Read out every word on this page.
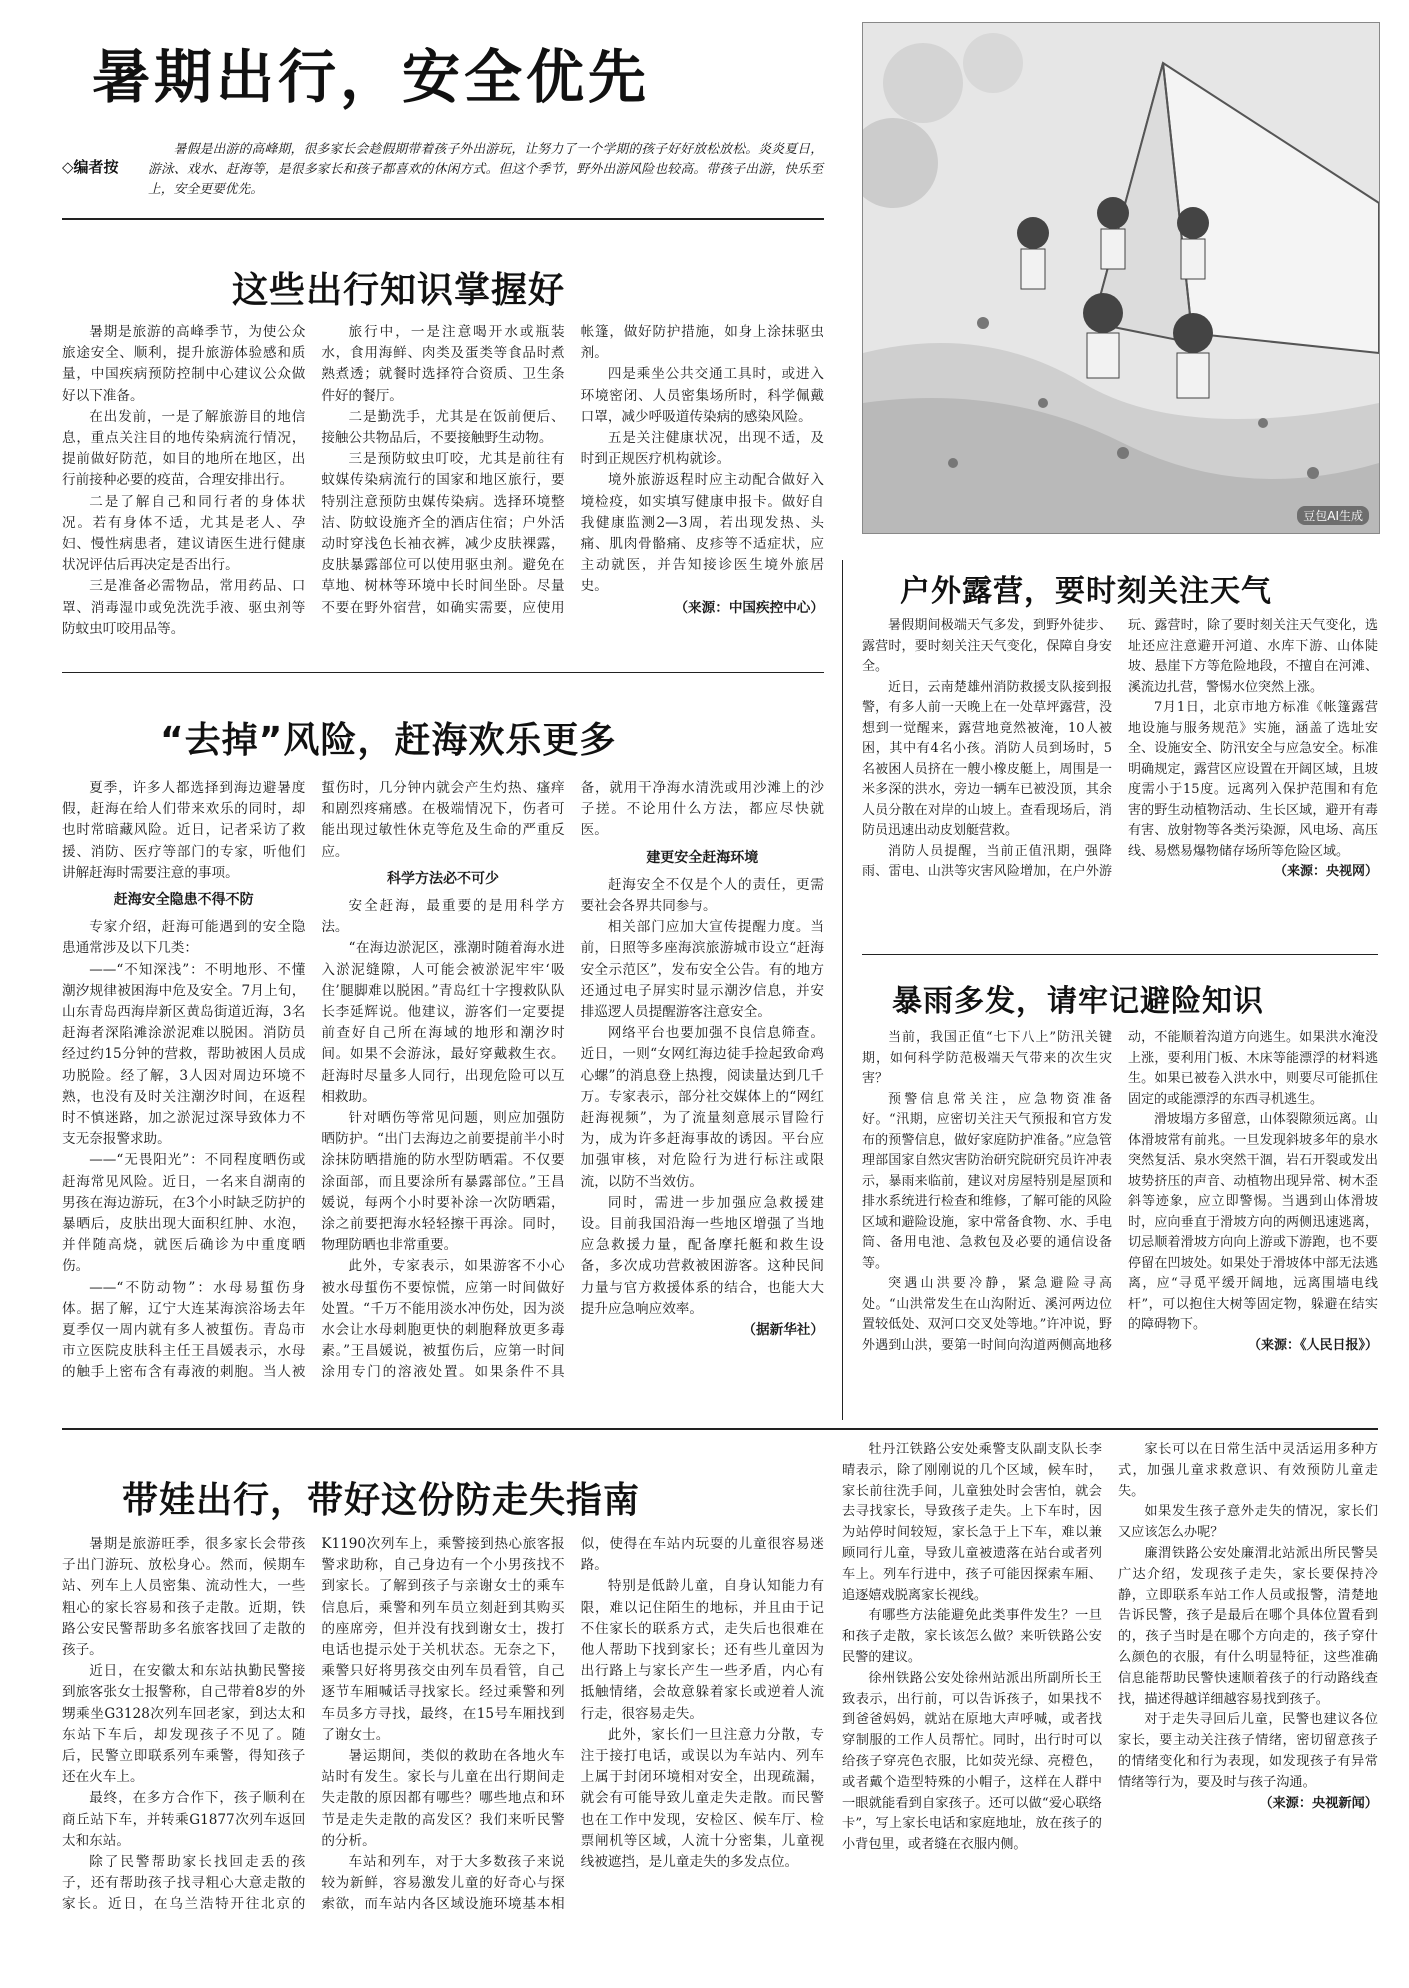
暑期出行，安全优先
◇编者按
暑假是出游的高峰期，很多家长会趁假期带着孩子外出游玩，让努力了一个学期的孩子好好放松放松。炎炎夏日，游泳、戏水、赶海等，是很多家长和孩子都喜欢的休闲方式。但这个季节，野外出游风险也较高。带孩子出游，快乐至上，安全更要优先。
豆包AI生成
这些出行知识掌握好

暑期是旅游的高峰季节，为使公众旅途安全、顺利，提升旅游体验感和质量，中国疾病预防控制中心建议公众做好以下准备。

在出发前，一是了解旅游目的地信息，重点关注目的地传染病流行情况，提前做好防范，如目的地所在地区，出行前接种必要的疫苗，合理安排出行。

二是了解自己和同行者的身体状况。若有身体不适，尤其是老人、孕妇、慢性病患者，建议请医生进行健康状况评估后再决定是否出行。

三是准备必需物品，常用药品、口罩、消毒湿巾或免洗洗手液、驱虫剂等防蚊虫叮咬用品等。

旅行中，一是注意喝开水或瓶装水，食用海鲜、肉类及蛋类等食品时煮熟煮透；就餐时选择符合资质、卫生条件好的餐厅。

二是勤洗手，尤其是在饭前便后、接触公共物品后，不要接触野生动物。

三是预防蚊虫叮咬，尤其是前往有蚊媒传染病流行的国家和地区旅行，要特别注意预防虫媒传染病。选择环境整洁、防蚊设施齐全的酒店住宿；户外活动时穿浅色长袖衣裤，减少皮肤裸露，皮肤暴露部位可以使用驱虫剂。避免在草地、树林等环境中长时间坐卧。尽量不要在野外宿营，如确实需要，应使用帐篷，做好防护措施，如身上涂抹驱虫剂。

四是乘坐公共交通工具时，或进入环境密闭、人员密集场所时，科学佩戴口罩，减少呼吸道传染病的感染风险。

五是关注健康状况，出现不适，及时到正规医疗机构就诊。

境外旅游返程时应主动配合做好入境检疫，如实填写健康申报卡。做好自我健康监测2—3周，若出现发热、头痛、肌肉骨骼痛、皮疹等不适症状，应主动就医，并告知接诊医生境外旅居史。

（来源：中国疾控中心）

“去掉”风险，赶海欢乐更多

夏季，许多人都选择到海边避暑度假，赶海在给人们带来欢乐的同时，却也时常暗藏风险。近日，记者采访了救援、消防、医疗等部门的专家，听他们讲解赶海时需要注意的事项。

赶海安全隐患不得不防

专家介绍，赶海可能遇到的安全隐患通常涉及以下几类：

——“不知深浅”：不明地形、不懂潮汐规律被困海中危及安全。7月上旬，山东青岛西海岸新区黄岛街道近海，3名赶海者深陷滩涂淤泥难以脱困。消防员经过约15分钟的营救，帮助被困人员成功脱险。经了解，3人因对周边环境不熟，也没有及时关注潮汐时间，在返程时不慎迷路，加之淤泥过深导致体力不支无奈报警求助。

——“无畏阳光”：不同程度晒伤或赶海常见风险。近日，一名来自湖南的男孩在海边游玩，在3个小时缺乏防护的暴晒后，皮肤出现大面积红肿、水泡，并伴随高烧，就医后确诊为中重度晒伤。

——“不防动物”：水母易蜇伤身体。据了解，辽宁大连某海滨浴场去年夏季仅一周内就有多人被蜇伤。青岛市市立医院皮肤科主任王昌媛表示，水母的触手上密布含有毒液的刺胞。当人被蜇伤时，几分钟内就会产生灼热、瘙痒和剧烈疼痛感。在极端情况下，伤者可能出现过敏性休克等危及生命的严重反应。

科学方法必不可少

安全赶海，最重要的是用科学方法。

“在海边淤泥区，涨潮时随着海水进入淤泥缝隙，人可能会被淤泥牢牢‘吸住’腿脚难以脱困。”青岛红十字搜救队队长李延辉说。他建议，游客们一定要提前查好自己所在海域的地形和潮汐时间。如果不会游泳，最好穿戴救生衣。赶海时尽量多人同行，出现危险可以互相救助。

针对晒伤等常见问题，则应加强防晒防护。“出门去海边之前要提前半小时涂抹防晒措施的防水型防晒霜。不仅要涂面部，而且要涂所有暴露部位。”王昌媛说，每两个小时要补涂一次防晒霜，涂之前要把海水轻轻擦干再涂。同时，物理防晒也非常重要。

此外，专家表示，如果游客不小心被水母蜇伤不要惊慌，应第一时间做好处置。“千万不能用淡水冲伤处，因为淡水会让水母刺胞更快的刺胞释放更多毒素。”王昌媛说，被蜇伤后，应第一时间涂用专门的溶液处置。如果条件不具备，就用干净海水清洗或用沙滩上的沙子搓。不论用什么方法，都应尽快就医。

建更安全赶海环境

赶海安全不仅是个人的责任，更需要社会各界共同参与。

相关部门应加大宣传提醒力度。当前，日照等多座海滨旅游城市设立“赶海安全示范区”，发布安全公告。有的地方还通过电子屏实时显示潮汐信息，并安排巡逻人员提醒游客注意安全。

网络平台也要加强不良信息筛查。近日，一则“女网红海边徒手捡起致命鸡心螺”的消息登上热搜，阅读量达到几千万。专家表示，部分社交媒体上的“网红赶海视频”，为了流量刻意展示冒险行为，成为许多赶海事故的诱因。平台应加强审核，对危险行为进行标注或限流，以防不当效仿。

同时，需进一步加强应急救援建设。目前我国沿海一些地区增强了当地应急救援力量，配备摩托艇和救生设备，多次成功营救被困游客。这种民间力量与官方救援体系的结合，也能大大提升应急响应效率。

（据新华社）

户外露营，要时刻关注天气

暑假期间极端天气多发，到野外徒步、露营时，要时刻关注天气变化，保障自身安全。

近日，云南楚雄州消防救援支队接到报警，有多人前一天晚上在一处草坪露营，没想到一觉醒来，露营地竟然被淹，10人被困，其中有4名小孩。消防人员到场时，5名被困人员挤在一艘小橡皮艇上，周围是一米多深的洪水，旁边一辆车已被没顶，其余人员分散在对岸的山坡上。查看现场后，消防员迅速出动皮划艇营救。

消防人员提醒，当前正值汛期，强降雨、雷电、山洪等灾害风险增加，在户外游玩、露营时，除了要时刻关注天气变化，选址还应注意避开河道、水库下游、山体陡坡、悬崖下方等危险地段，不擅自在河滩、溪流边扎营，警惕水位突然上涨。

7月1日，北京市地方标准《帐篷露营地设施与服务规范》实施，涵盖了选址安全、设施安全、防汛安全与应急安全。标准明确规定，露营区应设置在开阔区域，且坡度需小于15度。远离列入保护范围和有危害的野生动植物活动、生长区域，避开有毒有害、放射物等各类污染源，风电场、高压线、易燃易爆物储存场所等危险区域。

（来源：央视网）

暴雨多发，请牢记避险知识

当前，我国正值“七下八上”防汛关键期，如何科学防范极端天气带来的次生灾害？

预警信息常关注，应急物资准备好。“汛期，应密切关注天气预报和官方发布的预警信息，做好家庭防护准备。”应急管理部国家自然灾害防治研究院研究员许冲表示，暴雨来临前，建议对房屋特别是屋顶和排水系统进行检查和维修，了解可能的风险区域和避险设施，家中常备食物、水、手电筒、备用电池、急救包及必要的通信设备等。

突遇山洪要冷静，紧急避险寻高处。“山洪常发生在山沟附近、溪河两边位置较低处、双河口交叉处等地。”许冲说，野外遇到山洪，要第一时间向沟道两侧高地移动，不能顺着沟道方向逃生。如果洪水淹没上涨，要利用门板、木床等能漂浮的材料逃生。如果已被卷入洪水中，则要尽可能抓住固定的或能漂浮的东西寻机逃生。

滑坡塌方多留意，山体裂隙须远离。山体滑坡常有前兆。一旦发现斜坡多年的泉水突然复活、泉水突然干涸，岩石开裂或发出坡势挤压的声音、动植物出现异常、树木歪斜等迹象，应立即警惕。当遇到山体滑坡时，应向垂直于滑坡方向的两侧迅速逃离，切忌顺着滑坡方向向上游或下游跑，也不要停留在凹坡处。如果处于滑坡体中部无法逃离，应“寻觅平缓开阔地，远离围墙电线杆”，可以抱住大树等固定物，躲避在结实的障碍物下。

（来源：《人民日报》）

带娃出行，带好这份防走失指南

暑期是旅游旺季，很多家长会带孩子出门游玩、放松身心。然而，候期车站、列车上人员密集、流动性大，一些粗心的家长容易和孩子走散。近期，铁路公安民警帮助多名旅客找回了走散的孩子。

近日，在安徽太和东站执勤民警接到旅客张女士报警称，自己带着8岁的外甥乘坐G3128次列车回老家，到达太和东站下车后，却发现孩子不见了。随后，民警立即联系列车乘警，得知孩子还在火车上。

最终，在多方合作下，孩子顺利在商丘站下车，并转乘G1877次列车返回太和东站。

除了民警帮助家长找回走丢的孩子，还有帮助孩子找寻粗心大意走散的家长。近日，在乌兰浩特开往北京的K1190次列车上，乘警接到热心旅客报警求助称，自己身边有一个小男孩找不到家长。了解到孩子与亲谢女士的乘车信息后，乘警和列车员立刻赶到其购买的座席旁，但并没有找到谢女士，拨打电话也提示处于关机状态。无奈之下，乘警只好将男孩交由列车员看管，自己逐节车厢喊话寻找家长。经过乘警和列车员多方寻找，最终，在15号车厢找到了谢女士。

暑运期间，类似的救助在各地火车站时有发生。家长与儿童在出行期间走失走散的原因都有哪些？哪些地点和环节是走失走散的高发区？我们来听民警的分析。

车站和列车，对于大多数孩子来说较为新鲜，容易激发儿童的好奇心与探索欲，而车站内各区域设施环境基本相似，使得在车站内玩耍的儿童很容易迷路。

特别是低龄儿童，自身认知能力有限，难以记住陌生的地标，并且由于记不住家长的联系方式，走失后也很难在他人帮助下找到家长；还有些儿童因为出行路上与家长产生一些矛盾，内心有抵触情绪，会故意躲着家长或逆着人流行走，很容易走失。

此外，家长们一旦注意力分散，专注于接打电话，或误以为车站内、列车上属于封闭环境相对安全，出现疏漏，就会有可能导致儿童走失走散。而民警也在工作中发现，安检区、候车厅、检票闸机等区域，人流十分密集，儿童视线被遮挡，是儿童走失的多发点位。

牡丹江铁路公安处乘警支队副支队长李晴表示，除了刚刚说的几个区域，候车时，家长前往洗手间，儿童独处时会害怕，就会去寻找家长，导致孩子走失。上下车时，因为站停时间较短，家长急于上下车，难以兼顾同行儿童，导致儿童被遗落在站台或者列车上。列车行进中，孩子可能因探索车厢、追逐嬉戏脱离家长视线。

有哪些方法能避免此类事件发生？一旦和孩子走散，家长该怎么做？来听铁路公安民警的建议。

徐州铁路公安处徐州站派出所副所长王致表示，出行前，可以告诉孩子，如果找不到爸爸妈妈，就站在原地大声呼喊，或者找穿制服的工作人员帮忙。同时，出行时可以给孩子穿亮色衣服，比如荧光绿、亮橙色，或者戴个造型特殊的小帽子，这样在人群中一眼就能看到自家孩子。还可以做“爱心联络卡”，写上家长电话和家庭地址，放在孩子的小背包里，或者缝在衣服内侧。

家长可以在日常生活中灵活运用多种方式，加强儿童求救意识、有效预防儿童走失。

如果发生孩子意外走失的情况，家长们又应该怎么办呢？

廉渭铁路公安处廉渭北站派出所民警吴广达介绍，发现孩子走失，家长要保持冷静，立即联系车站工作人员或报警，清楚地告诉民警，孩子是最后在哪个具体位置看到的，孩子当时是在哪个方向走的，孩子穿什么颜色的衣服，有什么明显特征，这些准确信息能帮助民警快速顺着孩子的行动路线查找，描述得越详细越容易找到孩子。

对于走失寻回后儿童，民警也建议各位家长，要主动关注孩子情绪，密切留意孩子的情绪变化和行为表现，如发现孩子有异常情绪等行为，要及时与孩子沟通。

（来源：央视新闻）
